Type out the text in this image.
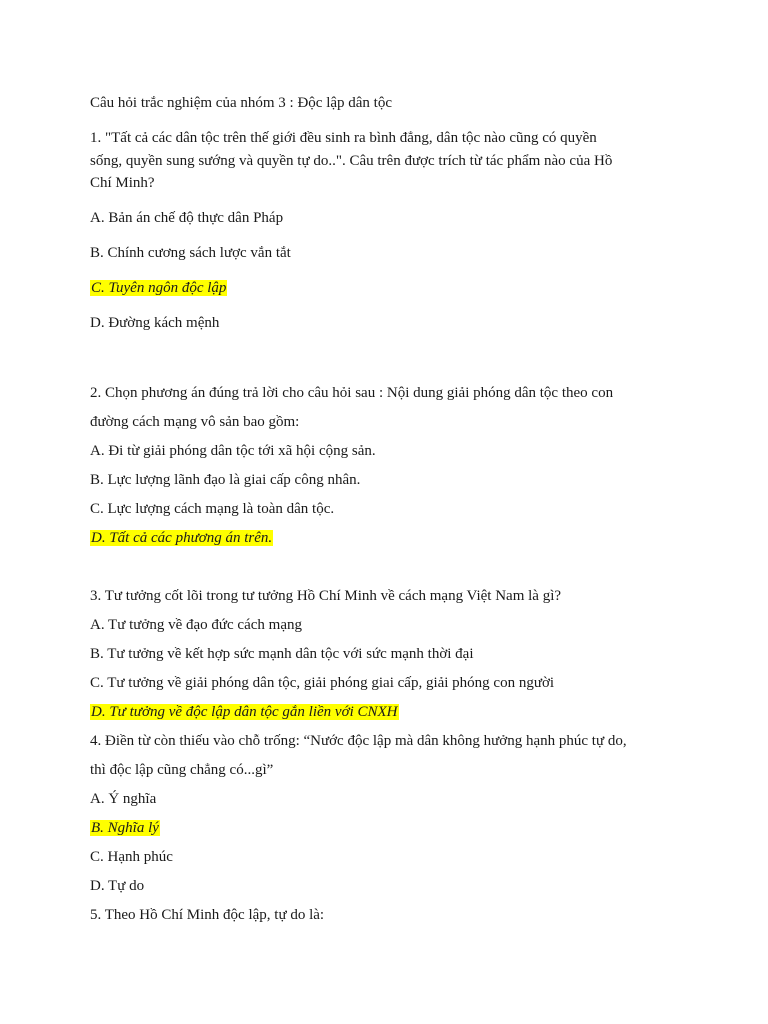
Câu hỏi trắc nghiệm của nhóm 3 : Độc lập dân tộc
1. "Tất cả các dân tộc trên thế giới đều sinh ra bình đẳng, dân tộc nào cũng có quyền
sống, quyền sung sướng và quyền tự do..". Câu trên được trích từ tác phẩm nào của Hồ
Chí Minh?
A. Bản án chế độ thực dân Pháp
B. Chính cương sách lược vắn tắt
C. Tuyên ngôn độc lập
D. Đường kách mệnh
2. Chọn phương án đúng trả lời cho câu hỏi sau : Nội dung giải phóng dân tộc theo con
đường cách mạng vô sản bao gồm:
A. Đi từ giải phóng dân tộc tới xã hội cộng sản.
B. Lực lượng lãnh đạo là giai cấp công nhân.
C. Lực lượng cách mạng là toàn dân tộc.
D. Tất cả các phương án trên.
3. Tư tưởng cốt lõi trong tư tưởng Hồ Chí Minh về cách mạng Việt Nam là gì?
A. Tư tưởng về đạo đức cách mạng
B. Tư tưởng về kết hợp sức mạnh dân tộc với sức mạnh thời đại
C. Tư tưởng về giải phóng dân tộc, giải phóng giai cấp, giải phóng con người
D. Tư tưởng về độc lập dân tộc gắn liền với CNXH
4. Điền từ còn thiếu vào chỗ trống: “Nước độc lập mà dân không hưởng hạnh phúc tự do,
thì độc lập cũng chẳng có...gì”
A. Ý nghĩa
B. Nghĩa lý
C. Hạnh phúc
D. Tự do
5. Theo Hồ Chí Minh độc lập, tự do là:
